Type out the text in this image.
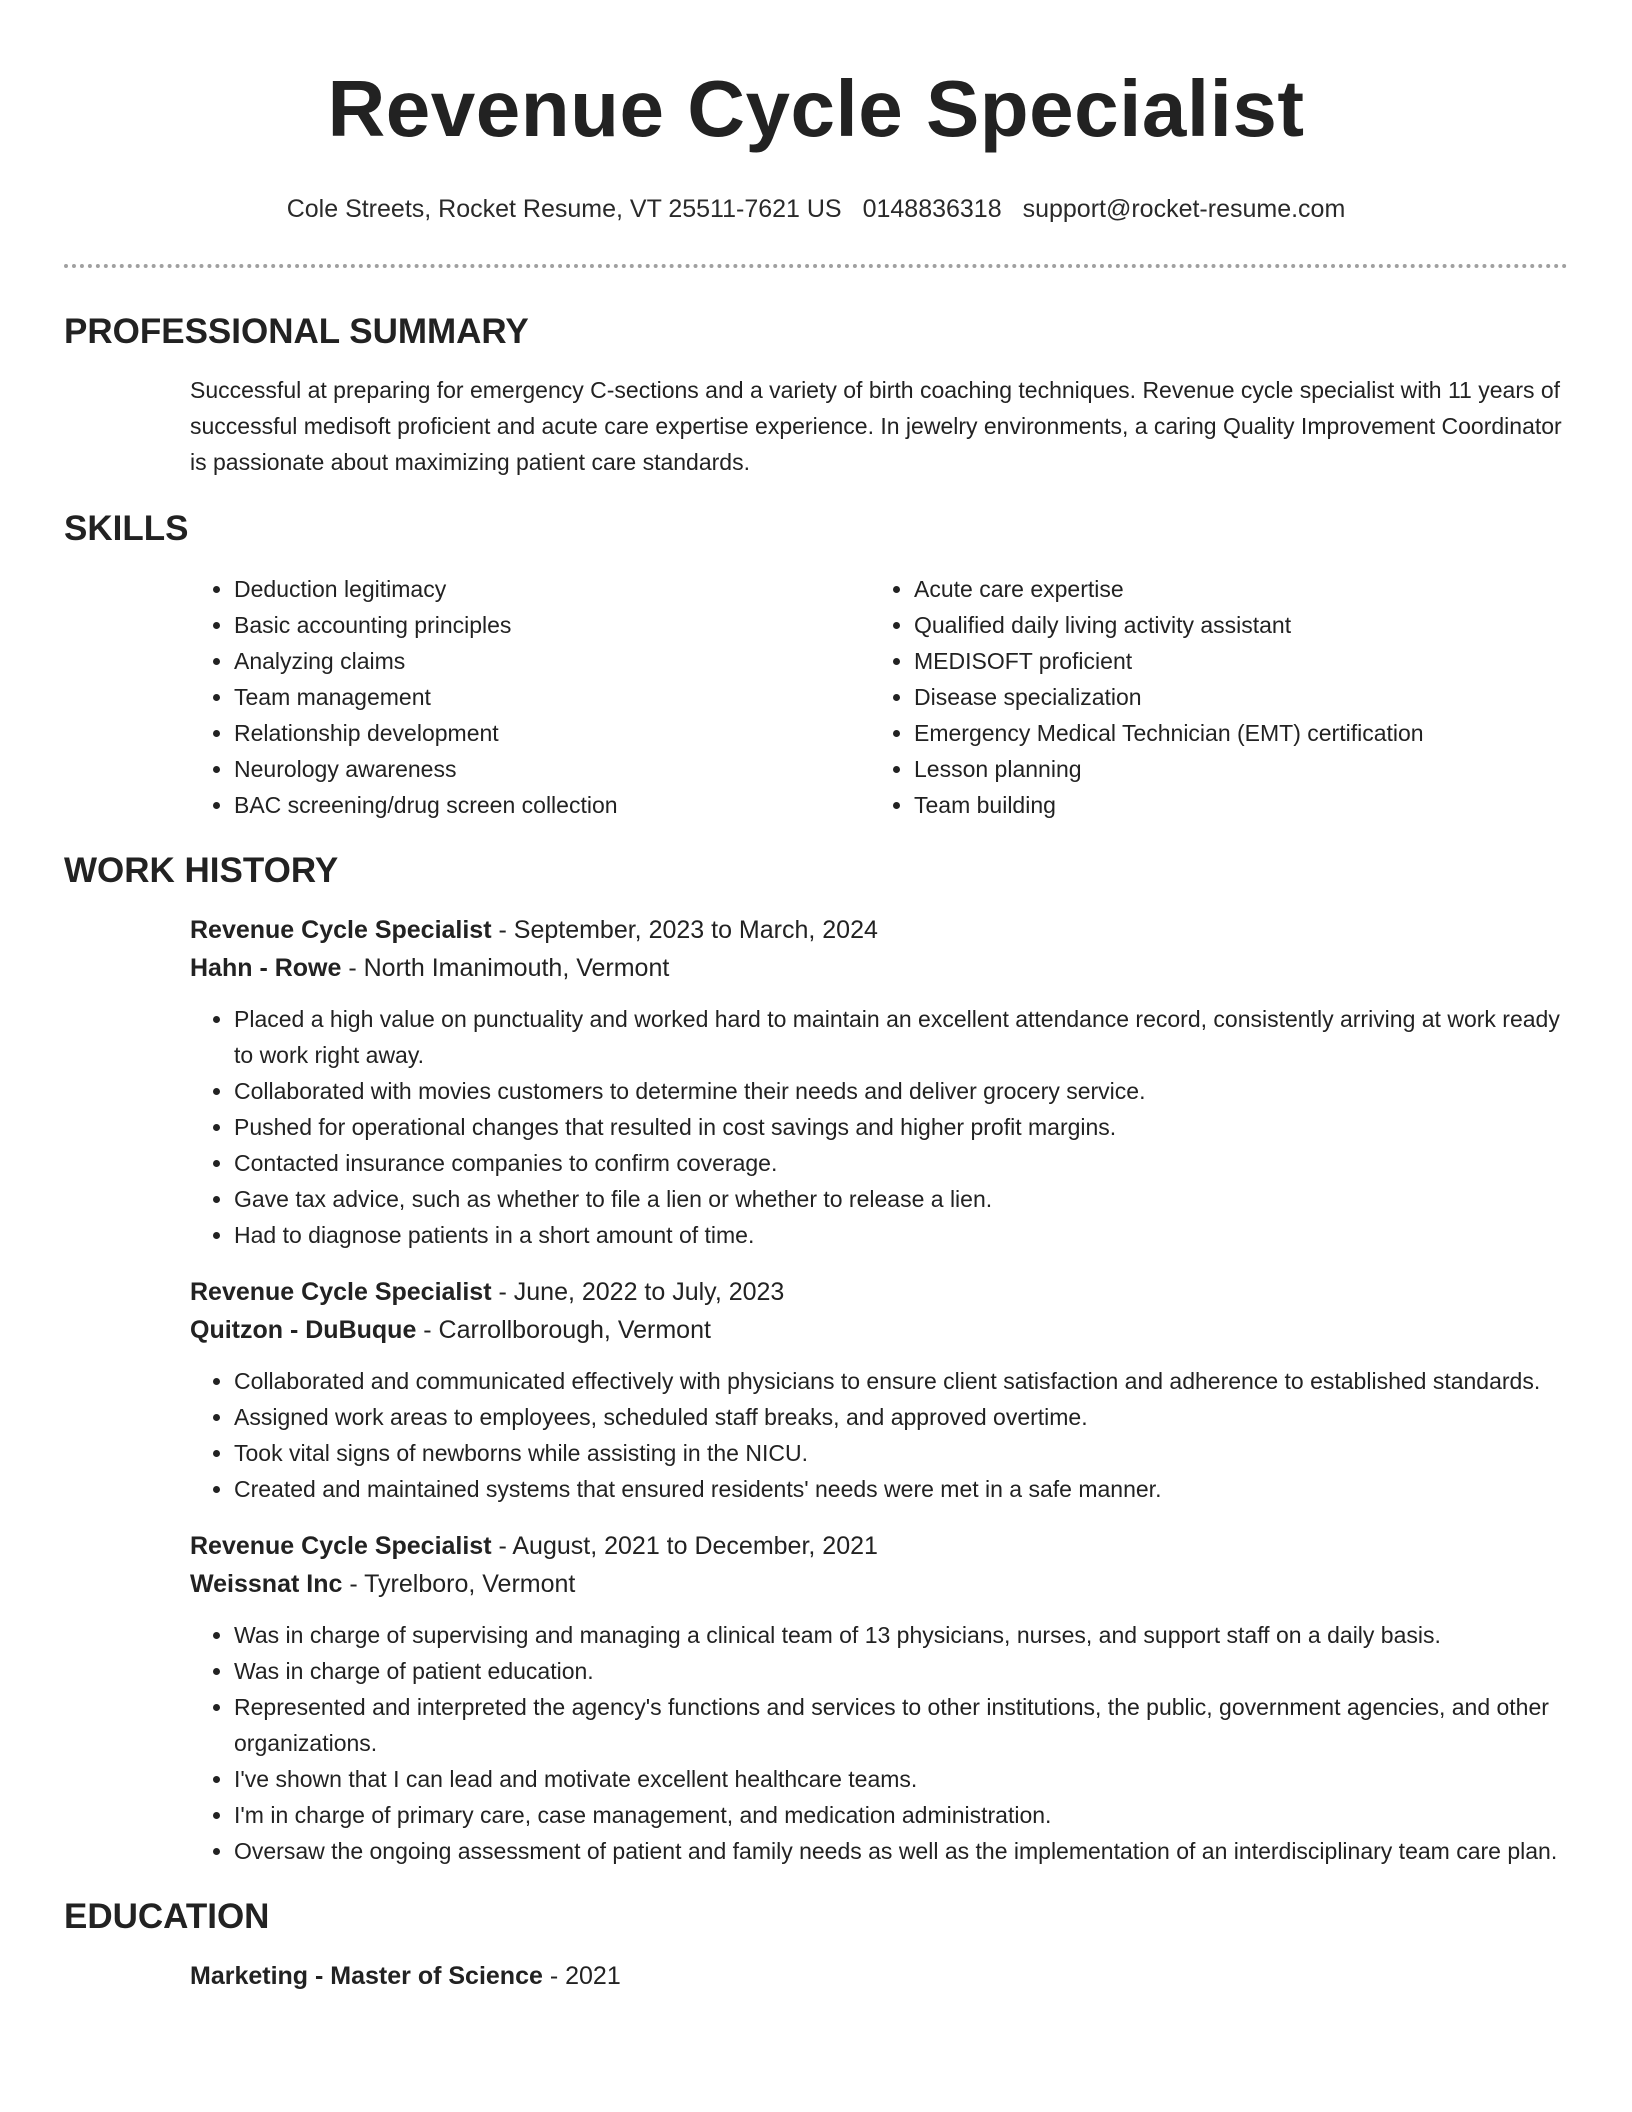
Revenue Cycle Specialist
Cole Streets, Rocket Resume, VT 25511-7621 US 0148836318 support@rocket-resume.com
PROFESSIONAL SUMMARY

Successful at preparing for emergency C-sections and a variety of birth coaching techniques. Revenue cycle specialist with 11 years of successful medisoft proficient and acute care expertise experience. In jewelry environments, a caring Quality Improvement Coordinator is passionate about maximizing patient care standards.

SKILLS
• Deduction legitimacy
• Basic accounting principles
• Analyzing claims
• Team management
• Relationship development
• Neurology awareness
• BAC screening/drug screen collection
• Acute care expertise
• Qualified daily living activity assistant
• MEDISOFT proficient
• Disease specialization
• Emergency Medical Technician (EMT) certification
• Lesson planning
• Team building
WORK HISTORY
Revenue Cycle Specialist - September, 2023 to March, 2024
Hahn - Rowe - North Imanimouth, Vermont
• Placed a high value on punctuality and worked hard to maintain an excellent attendance record, consistently arriving at work ready to work right away.
• Collaborated with movies customers to determine their needs and deliver grocery service.
• Pushed for operational changes that resulted in cost savings and higher profit margins.
• Contacted insurance companies to confirm coverage.
• Gave tax advice, such as whether to file a lien or whether to release a lien.
• Had to diagnose patients in a short amount of time.
Revenue Cycle Specialist - June, 2022 to July, 2023
Quitzon - DuBuque - Carrollborough, Vermont
• Collaborated and communicated effectively with physicians to ensure client satisfaction and adherence to established standards.
• Assigned work areas to employees, scheduled staff breaks, and approved overtime.
• Took vital signs of newborns while assisting in the NICU.
• Created and maintained systems that ensured residents' needs were met in a safe manner.
Revenue Cycle Specialist - August, 2021 to December, 2021
Weissnat Inc - Tyrelboro, Vermont
• Was in charge of supervising and managing a clinical team of 13 physicians, nurses, and support staff on a daily basis.
• Was in charge of patient education.
• Represented and interpreted the agency's functions and services to other institutions, the public, government agencies, and other organizations.
• I've shown that I can lead and motivate excellent healthcare teams.
• I'm in charge of primary care, case management, and medication administration.
• Oversaw the ongoing assessment of patient and family needs as well as the implementation of an interdisciplinary team care plan.
EDUCATION
Marketing - Master of Science - 2021
